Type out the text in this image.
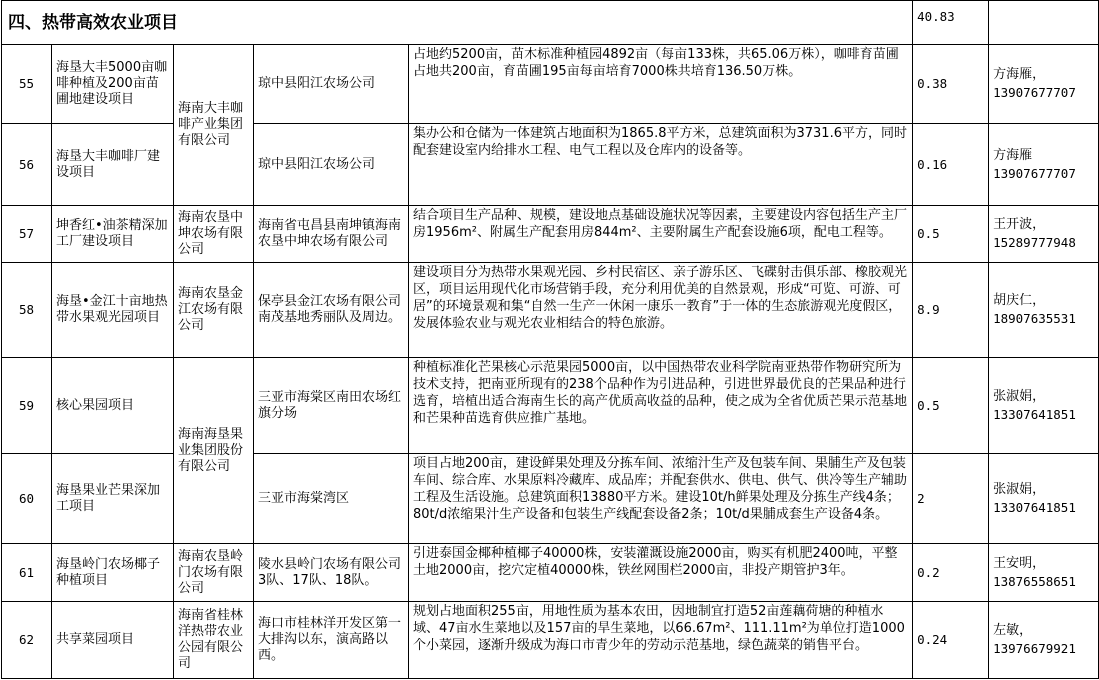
四、热带高效农业项目					40.83	
55	海垦大丰5000亩咖啡种植及200亩苗圃地建设项目	海南大丰咖啡产业集团有限公司	琼中县阳江农场公司	占地约5200亩，苗木标准种植园4892亩（每亩133株，共65.06万株），咖啡育苗圃占地共200亩，育苗圃195亩每亩培育7000株共培育136.50万株。	0.38	方海雁，
13907677707

56	海垦大丰咖啡厂建设项目		琼中县阳江农场公司	集办公和仓储为一体建筑占地面积为1865.8平方米，总建筑面积为3731.6平方，同时配套建设室内给排水工程、电气工程以及仓库内的设备等。	0.16	方海雁
13907677707

57	坤香红•油茶精深加工厂建设项目	海南农垦中坤农场有限公司	海南省屯昌县南坤镇海南农垦中坤农场有限公司	结合项目生产品种、规模，建设地点基础设施状况等因素，主要建设内容包括生产主厂房1956m²、附属生产配套用房844m²、主要附属生产配套设施6项，配电工程等。	0.5	王开波，
15289777948

58	海垦•金江十亩地热带水果观光园项目	海南农垦金江农场有限公司	保亭县金江农场有限公司南茂基地秀丽队及周边。	建设项目分为热带水果观光园、乡村民宿区、亲子游乐区、飞碟射击俱乐部、橡胶观光区，项目运用现代化市场营销手段，充分利用优美的自然景观，形成“可览、可游、可居”的环境景观和集“自然一生产一休闲一康乐一教育”于一体的生态旅游观光度假区，发展体验农业与观光农业相结合的特色旅游。	8.9	胡庆仁，
18907635531

59	核心果园项目	海南海垦果业集团股份有限公司	三亚市海棠区南田农场红旗分场	种植标准化芒果核心示范果园5000亩，以中国热带农业科学院南亚热带作物研究所为技术支持，把南亚所现有的238个品种作为引进品种，引进世界最优良的芒果品种进行选育，培植出适合海南生长的高产优质高收益的品种，使之成为全省优质芒果示范基地和芒果种苗选育供应推广基地。	0.5	张淑娟，
13307641851

60	海垦果业芒果深加工项目		三亚市海棠湾区	项目占地200亩，建设鲜果处理及分拣车间、浓缩汁生产及包装车间、果脯生产及包装车间、综合库、水果原料冷藏库、成品库；并配套供水、供电、供气、供冷等生产辅助工程及生活设施。总建筑面积13880平方米。建设10t/h鲜果处理及分拣生产线4条；80t/d浓缩果汁生产设备和包装生产线配套设备2条；10t/d果脯成套生产设备4条。	2	张淑娟，
13307641851

61	海垦岭门农场椰子种植项目	海南农垦岭门农场有限公司	陵水县岭门农场有限公司3队、17队、18队。	引进泰国金椰种植椰子40000株，安装灌溉设施2000亩，购买有机肥2400吨，平整土地2000亩，挖穴定植40000株，铁丝网围栏2000亩，非投产期管护3年。	0.2	王安明，
13876558651

62	共享菜园项目	海南省桂林洋热带农业公园有限公司	海口市桂林洋开发区第一大排沟以东，演高路以西。	规划占地面积255亩，用地性质为基本农田，因地制宜打造52亩莲藕荷塘的种植水域、47亩水生菜地以及157亩的旱生菜地，以66.67m²、111.11m²为单位打造1000个小菜园，逐渐升级成为海口市青少年的劳动示范基地，绿色蔬菜的销售平台。	0.24	左敏，
13976679921
